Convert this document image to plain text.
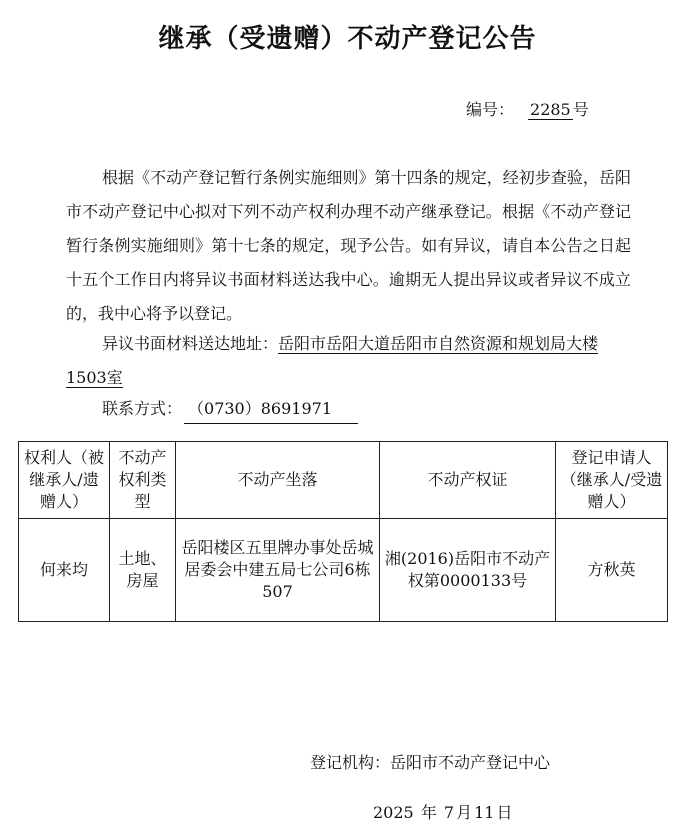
继承（受遗赠）不动产登记公告
编号： 2285 号
根据《不动产登记暂行条例实施细则》第十四条的规定，经初步查验，岳阳市不动产登记中心拟对下列不动产权利办理不动产继承登记。根据《不动产登记暂行条例实施细则》第十七条的规定，现予公告。如有异议，请自本公告之日起十五个工作日内将异议书面材料送达我中心。逾期无人提出异议或者异议不成立的，我中心将予以登记。
异议书面材料送达地址：岳阳市岳阳大道岳阳市自然资源和规划局大楼1503室
联系方式： （0730）8691971
权利人（被继承人/遗赠人）	不动产权利类型	不动产坐落	不动产权证	登记申请人（继承人/受遗赠人）
何来均	土地、房屋	岳阳楼区五里牌办事处岳城居委会中建五局七公司6栋507	湘(2016)岳阳市不动产权第0000133号	方秋英
登记机构：岳阳市不动产登记中心
2025 年 7 月 11 日
